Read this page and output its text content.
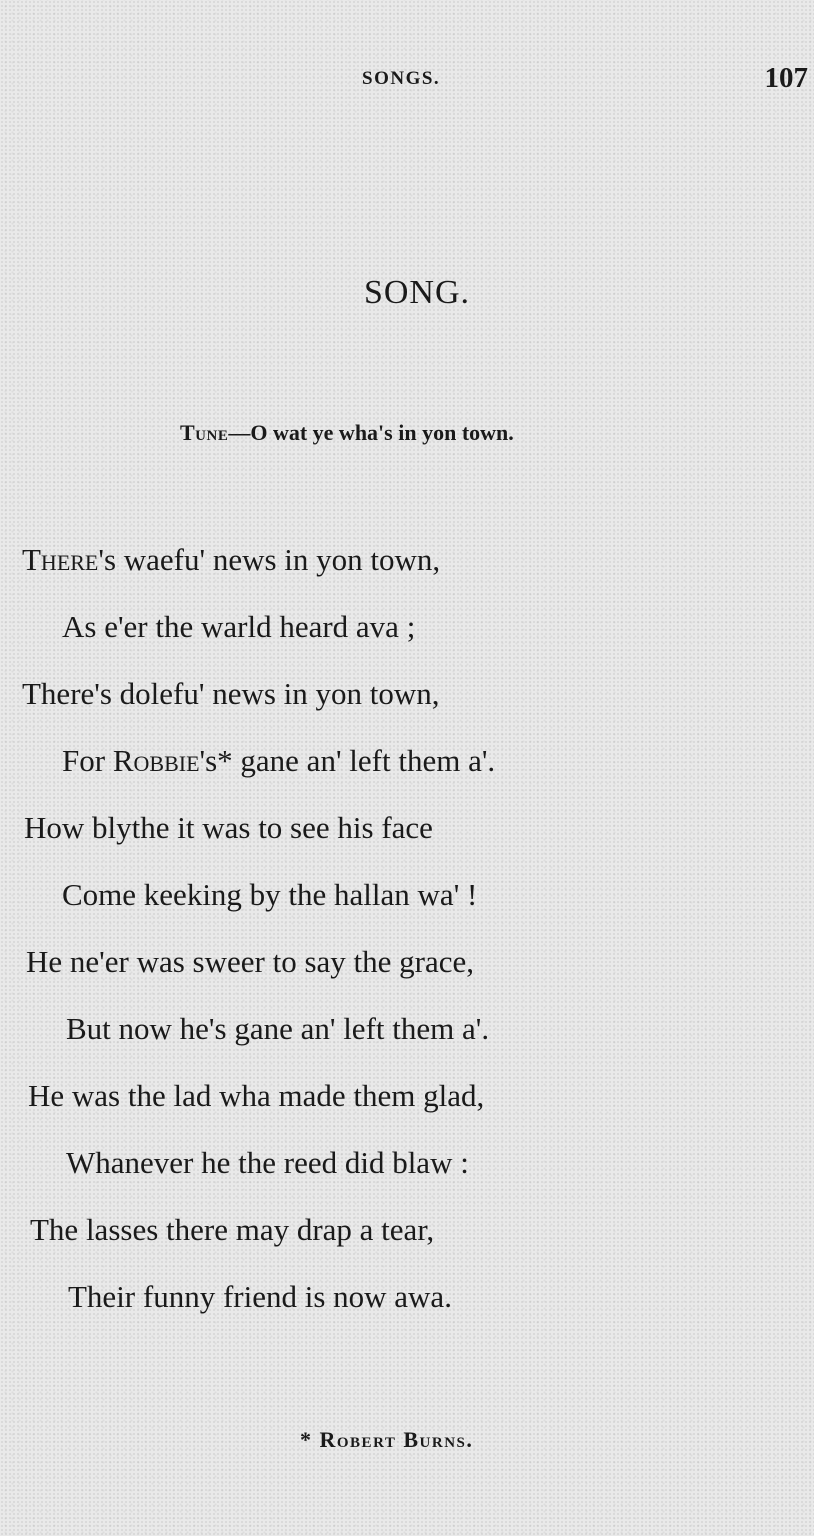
SONGS.	107
SONG.
Tune—O wat ye wha's in yon town.
There's waefu' news in yon town,
As e'er the warld heard ava ;
There's dolefu' news in yon town,
For Robbie's* gane an' left them a'.
How blythe it was to see his face
Come keeking by the hallan wa' !
He ne'er was sweer to say the grace,
But now he's gane an' left them a'.
He was the lad wha made them glad,
Whanever he the reed did blaw :
The lasses there may drap a tear,
Their funny friend is now awa.
* Robert Burns.
